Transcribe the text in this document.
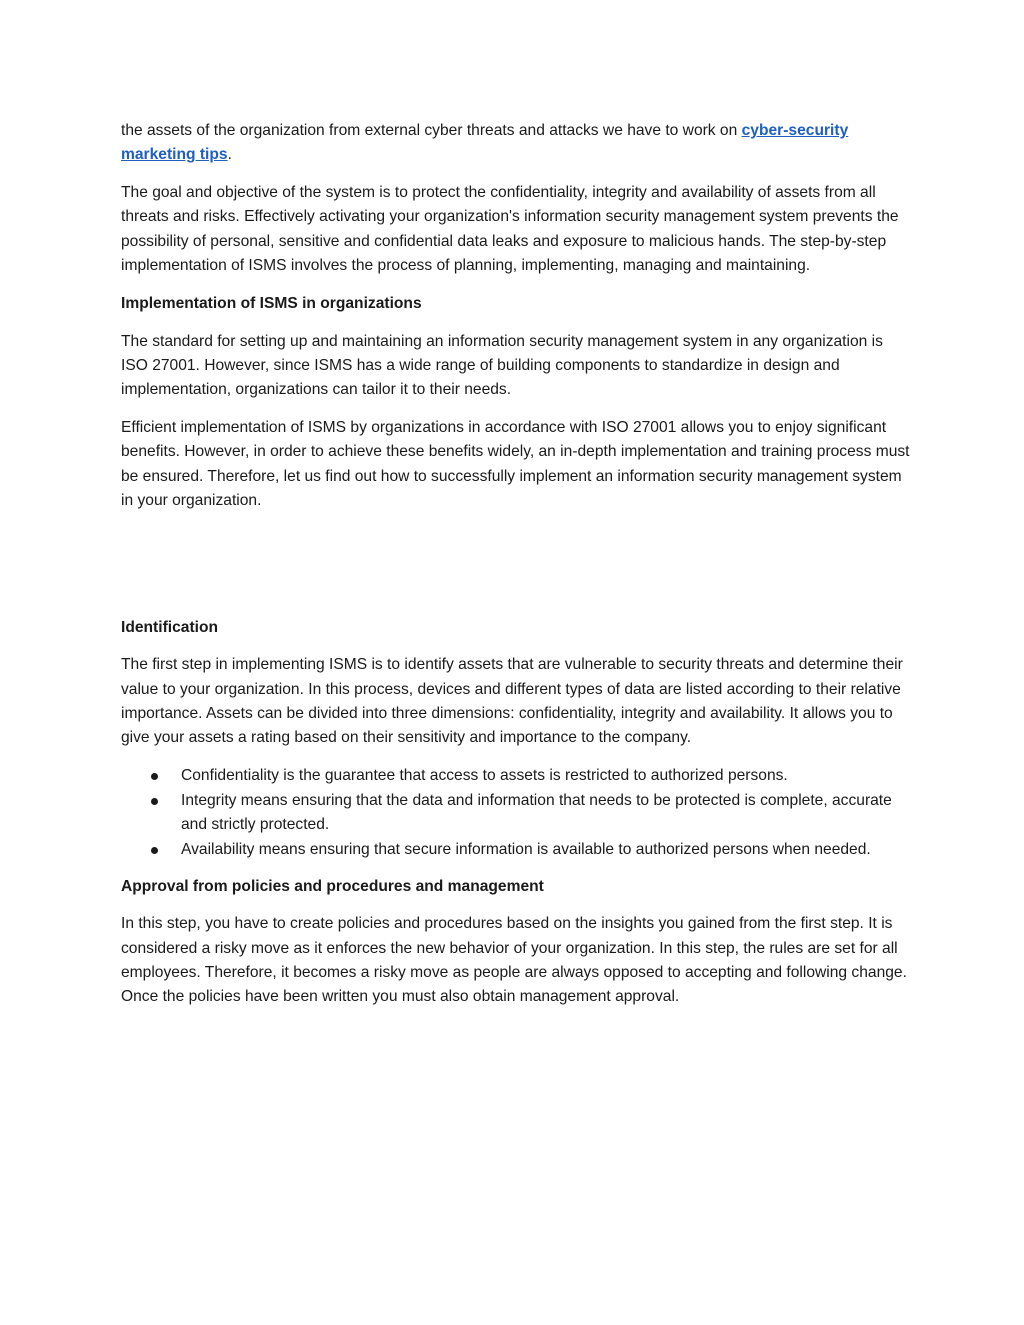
the assets of the organization from external cyber threats and attacks we have to work on cyber-security marketing tips.

The goal and objective of the system is to protect the confidentiality, integrity and availability of assets from all threats and risks. Effectively activating your organization's information security management system prevents the possibility of personal, sensitive and confidential data leaks and exposure to malicious hands. The step-by-step implementation of ISMS involves the process of planning, implementing, managing and maintaining.

Implementation of ISMS in organizations

The standard for setting up and maintaining an information security management system in any organization is ISO 27001. However, since ISMS has a wide range of building components to standardize in design and implementation, organizations can tailor it to their needs.

Efficient implementation of ISMS by organizations in accordance with ISO 27001 allows you to enjoy significant benefits. However, in order to achieve these benefits widely, an in-depth implementation and training process must be ensured. Therefore, let us find out how to successfully implement an information security management system in your organization.

Identification

The first step in implementing ISMS is to identify assets that are vulnerable to security threats and determine their value to your organization. In this process, devices and different types of data are listed according to their relative importance. Assets can be divided into three dimensions: confidentiality, integrity and availability. It allows you to give your assets a rating based on their sensitivity and importance to the company.

Confidentiality is the guarantee that access to assets is restricted to authorized persons.
Integrity means ensuring that the data and information that needs to be protected is complete, accurate and strictly protected.
Availability means ensuring that secure information is available to authorized persons when needed.

Approval from policies and procedures and management

In this step, you have to create policies and procedures based on the insights you gained from the first step. It is considered a risky move as it enforces the new behavior of your organization. In this step, the rules are set for all employees. Therefore, it becomes a risky move as people are always opposed to accepting and following change. Once the policies have been written you must also obtain management approval.
